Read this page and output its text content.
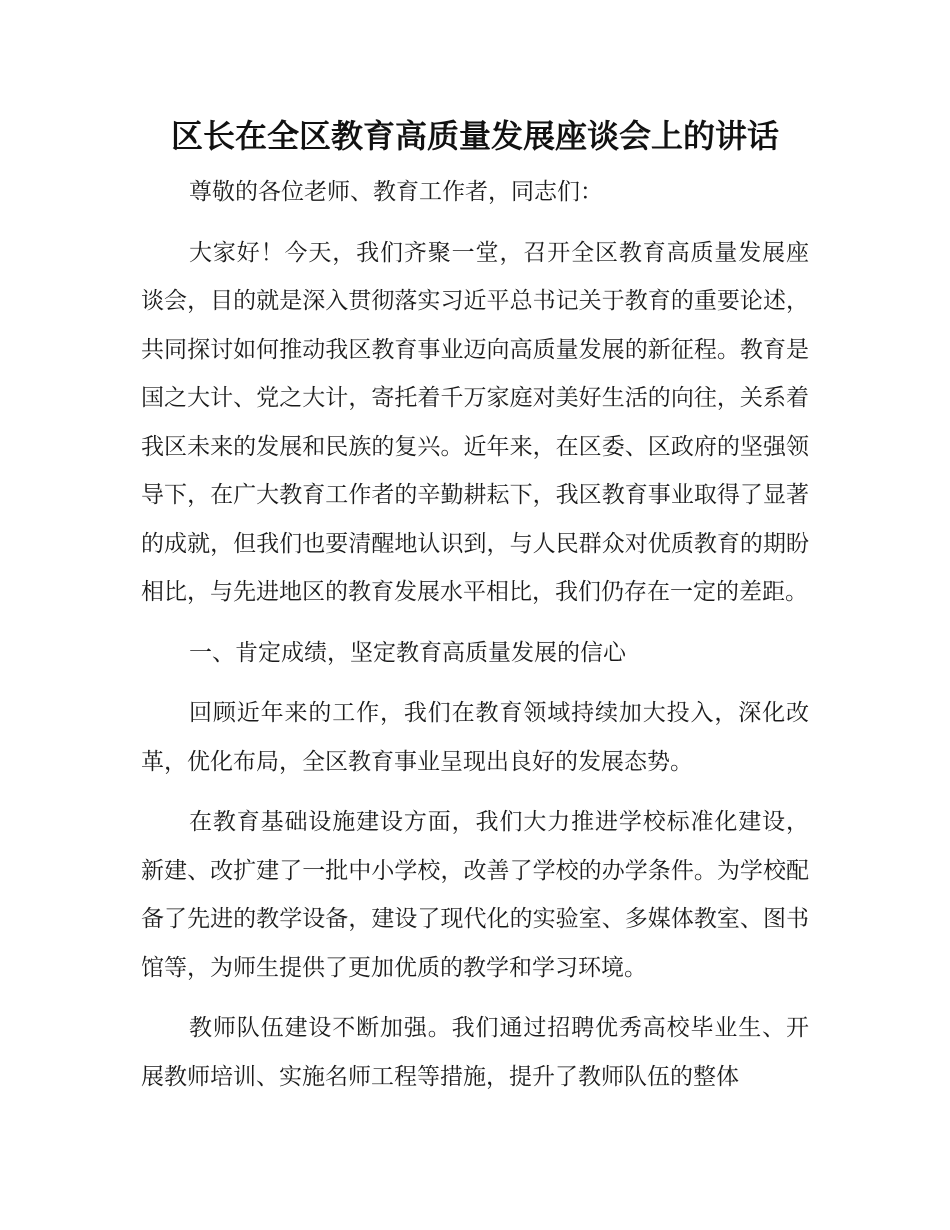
区长在全区教育高质量发展座谈会上的讲话

尊敬的各位老师、教育工作者，同志们：

大家好！今天，我们齐聚一堂，召开全区教育高质量发展座谈会，目的就是深入贯彻落实习近平总书记关于教育的重要论述，共同探讨如何推动我区教育事业迈向高质量发展的新征程。教育是国之大计、党之大计，寄托着千万家庭对美好生活的向往，关系着我区未来的发展和民族的复兴。近年来，在区委、区政府的坚强领导下，在广大教育工作者的辛勤耕耘下，我区教育事业取得了显著的成就，但我们也要清醒地认识到，与人民群众对优质教育的期盼相比，与先进地区的教育发展水平相比，我们仍存在一定的差距。

一、肯定成绩，坚定教育高质量发展的信心

回顾近年来的工作，我们在教育领域持续加大投入，深化改革，优化布局，全区教育事业呈现出良好的发展态势。

在教育基础设施建设方面，我们大力推进学校标准化建设，新建、改扩建了一批中小学校，改善了学校的办学条件。为学校配备了先进的教学设备，建设了现代化的实验室、多媒体教室、图书馆等，为师生提供了更加优质的教学和学习环境。

教师队伍建设不断加强。我们通过招聘优秀高校毕业生、开展教师培训、实施名师工程等措施，提升了教师队伍的整体
